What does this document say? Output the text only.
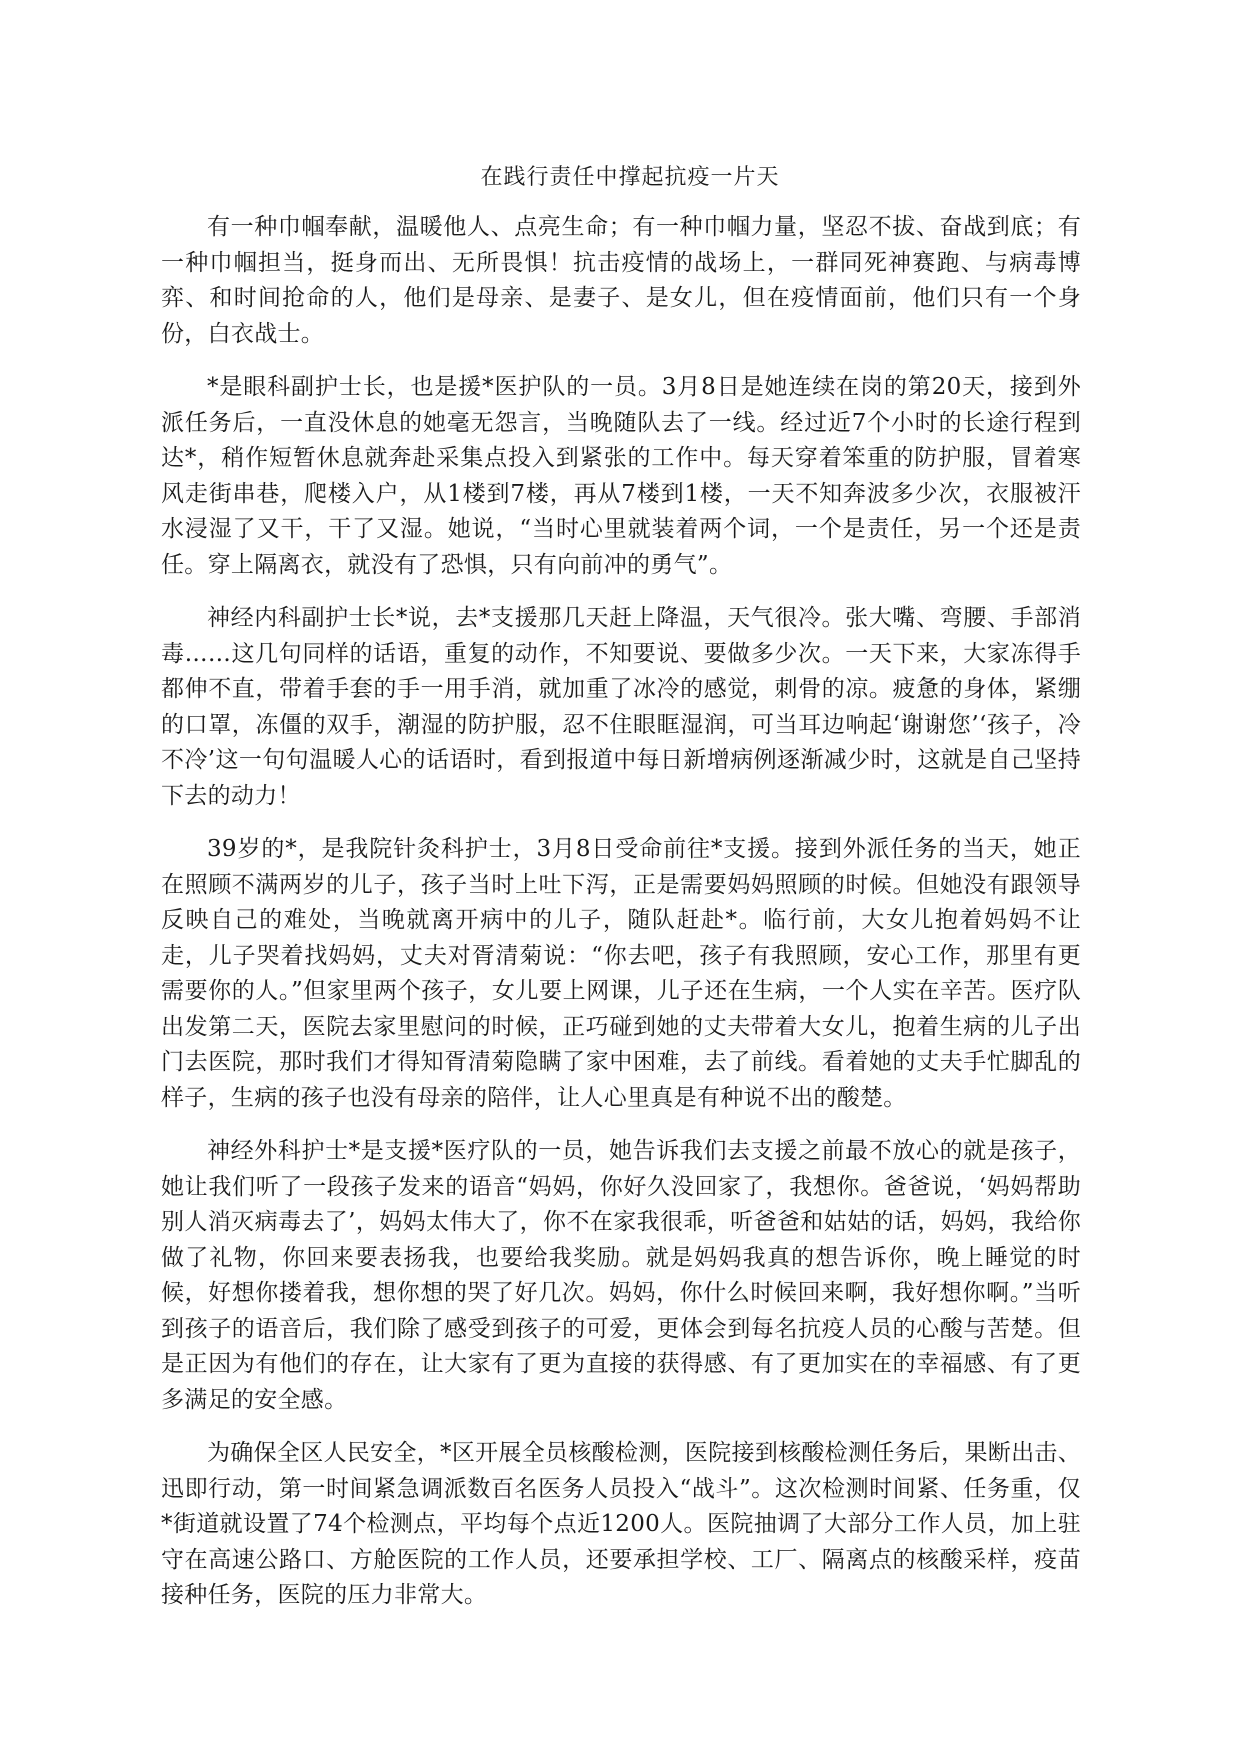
在践行责任中撑起抗疫一片天

有一种巾帼奉献，温暖他人、点亮生命；有一种巾帼力量，坚忍不拔、奋战到底；有一种巾帼担当，挺身而出、无所畏惧！抗击疫情的战场上，一群同死神赛跑、与病毒博弈、和时间抢命的人，他们是母亲、是妻子、是女儿，但在疫情面前，他们只有一个身份，白衣战士。

*是眼科副护士长，也是援*医护队的一员。3月8日是她连续在岗的第20天，接到外派任务后，一直没休息的她毫无怨言，当晚随队去了一线。经过近7个小时的长途行程到达*，稍作短暂休息就奔赴采集点投入到紧张的工作中。每天穿着笨重的防护服，冒着寒风走街串巷，爬楼入户，从1楼到7楼，再从7楼到1楼，一天不知奔波多少次，衣服被汗水浸湿了又干，干了又湿。她说，“当时心里就装着两个词，一个是责任，另一个还是责任。穿上隔离衣，就没有了恐惧，只有向前冲的勇气”。

神经内科副护士长*说，去*支援那几天赶上降温，天气很冷。张大嘴、弯腰、手部消毒……这几句同样的话语，重复的动作，不知要说、要做多少次。一天下来，大家冻得手都伸不直，带着手套的手一用手消，就加重了冰冷的感觉，刺骨的凉。疲惫的身体，紧绷的口罩，冻僵的双手，潮湿的防护服，忍不住眼眶湿润，可当耳边响起‘谢谢您’‘孩子，冷不冷’这一句句温暖人心的话语时，看到报道中每日新增病例逐渐减少时，这就是自己坚持下去的动力！

39岁的*，是我院针灸科护士，3月8日受命前往*支援。接到外派任务的当天，她正在照顾不满两岁的儿子，孩子当时上吐下泻，正是需要妈妈照顾的时候。但她没有跟领导反映自己的难处，当晚就离开病中的儿子，随队赶赴*。临行前，大女儿抱着妈妈不让走，儿子哭着找妈妈，丈夫对胥清菊说：“你去吧，孩子有我照顾，安心工作，那里有更需要你的人。”但家里两个孩子，女儿要上网课，儿子还在生病，一个人实在辛苦。医疗队出发第二天，医院去家里慰问的时候，正巧碰到她的丈夫带着大女儿，抱着生病的儿子出门去医院，那时我们才得知胥清菊隐瞒了家中困难，去了前线。看着她的丈夫手忙脚乱的样子，生病的孩子也没有母亲的陪伴，让人心里真是有种说不出的酸楚。

神经外科护士*是支援*医疗队的一员，她告诉我们去支援之前最不放心的就是孩子，她让我们听了一段孩子发来的语音“妈妈，你好久没回家了，我想你。爸爸说，‘妈妈帮助别人消灭病毒去了’，妈妈太伟大了，你不在家我很乖，听爸爸和姑姑的话，妈妈，我给你做了礼物，你回来要表扬我，也要给我奖励。就是妈妈我真的想告诉你，晚上睡觉的时候，好想你搂着我，想你想的哭了好几次。妈妈，你什么时候回来啊，我好想你啊。”当听到孩子的语音后，我们除了感受到孩子的可爱，更体会到每名抗疫人员的心酸与苦楚。但是正因为有他们的存在，让大家有了更为直接的获得感、有了更加实在的幸福感、有了更多满足的安全感。

为确保全区人民安全，*区开展全员核酸检测，医院接到核酸检测任务后，果断出击、迅即行动，第一时间紧急调派数百名医务人员投入“战斗”。这次检测时间紧、任务重，仅*街道就设置了74个检测点，平均每个点近1200人。医院抽调了大部分工作人员，加上驻守在高速公路口、方舱医院的工作人员，还要承担学校、工厂、隔离点的核酸采样，疫苗接种任务，医院的压力非常大。
